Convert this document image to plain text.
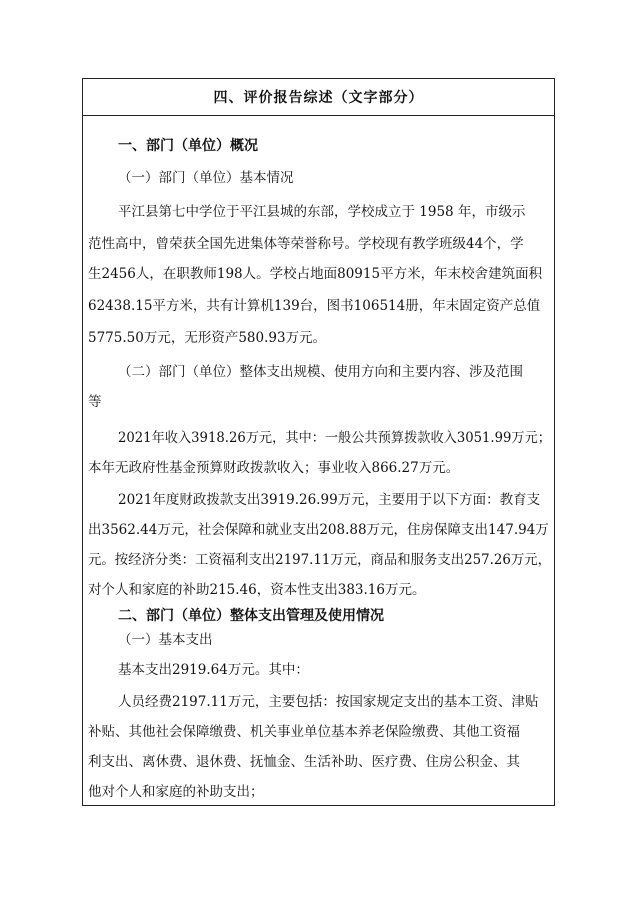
四、评价报告综述（文字部分）
一、部门（单位）概况
（一）部门（单位）基本情况
平江县第七中学位于平江县城的东部，学校成立于 1958 年，市级示
范性高中，曾荣获全国先进集体等荣誉称号。学校现有教学班级44个，学
生2456人，在职教师198人。学校占地面80915平方米，年末校舍建筑面积
62438.15平方米，共有计算机139台，图书106514册，年末固定资产总值
5775.50万元，无形资产580.93万元。
（二）部门（单位）整体支出规模、使用方向和主要内容、涉及范围
等
2021年收入3918.26万元，其中：一般公共预算拨款收入3051.99万元；
本年无政府性基金预算财政拨款收入；事业收入866.27万元。
2021年度财政拨款支出3919.26.99万元，主要用于以下方面：教育支
出3562.44万元，社会保障和就业支出208.88万元，住房保障支出147.94万
元。按经济分类：工资福利支出2197.11万元，商品和服务支出257.26万元，
对个人和家庭的补助215.46，资本性支出383.16万元。
二、部门（单位）整体支出管理及使用情况
（一）基本支出
基本支出2919.64万元。其中：
人员经费2197.11万元，主要包括：按国家规定支出的基本工资、津贴
补贴、其他社会保障缴费、机关事业单位基本养老保险缴费、其他工资福
利支出、离休费、退休费、抚恤金、生活补助、医疗费、住房公积金、其
他对个人和家庭的补助支出；
